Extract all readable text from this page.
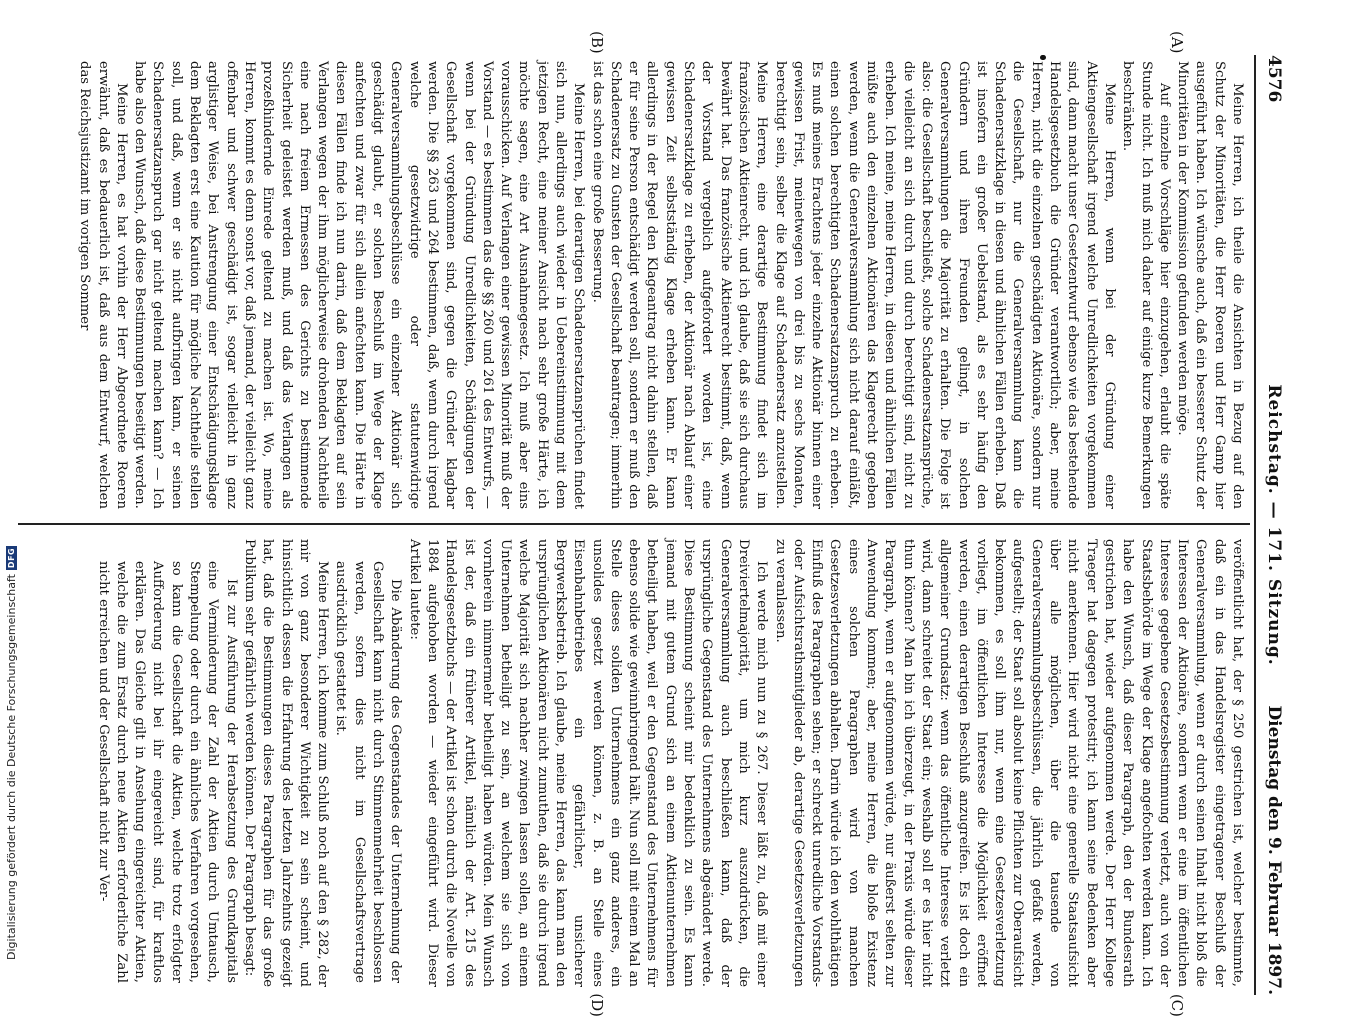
Digitalisierung gefördert durch die Deutsche Forschungsgemeinschaft
DFG
4576
Reichstag. — 171. Sitzung.
Dienstag den 9. Februar 1897.
(A)
(B)

Meine Herren, ich theile die Ansichten in Bezug auf den Schutz der Minoritäten, die Herr Roeren und Herr Gamp hier ausgeführt haben. Ich wünsche auch, daß ein besserer Schutz der Minoritäten in der Kommission gefunden werden möge.

Auf einzelne Vorschläge hier einzugehen, erlaubt die späte Stunde nicht. Ich muß mich daher auf einige kurze Bemerkungen beschränken.

Meine Herren, wenn bei der Gründung einer Aktiengesellschaft irgend welche Unredlichkeiten vorgekommen sind, dann macht unser Gesetzentwurf ebenso wie das bestehende Handelsgesetzbuch die Gründer verantwortlich; aber, meine Herren, nicht die einzelnen geschädigten Aktionäre, sondern nur die Gesellschaft, nur die Generalversammlung kann die Schadenersatzklage in diesen und ähnlichen Fällen erheben. Daß ist insofern ein großer Uebelstand, als es sehr häufig den Gründern und ihren Freunden gelingt, in solchen Generalversammlungen die Majorität zu erhalten. Die Folge ist also: die Gesellschaft beschließt, solche Schadenersatzansprüche, die vielleicht an sich durch und durch berechtigt sind, nicht zu erheben. Ich meine, meine Herren, in diesen und ähnlichen Fällen müßte auch den einzelnen Aktionären das Klagerecht gegeben werden, wenn die Generalversammlung sich nicht darauf einläßt, einen solchen berechtigten Schadenersatzanspruch zu erheben. Es muß meines Erachtens jeder einzelne Aktionär binnen einer gewissen Frist, meinetwegen von drei bis zu sechs Monaten, berechtigt sein, selber die Klage auf Schadenersatz anzustellen. Meine Herren, eine derartige Bestimmung findet sich im französischen Aktienrecht, und ich glaube, daß sie sich durchaus bewährt hat. Das französische Aktienrecht bestimmt, daß, wenn der Vorstand vergeblich aufgefordert worden ist, eine Schadenersatzklage zu erheben, der Aktionär nach Ablauf einer gewissen Zeit selbstständig Klage erheben kann. Er kann allerdings in der Regel den Klageantrag nicht dahin stellen, daß er für seine Person entschädigt werden soll, sondern er muß den Schadenersatz zu Gunsten der Gesellschaft beantragen; immerhin ist das schon eine große Besserung.

Meine Herren, bei derartigen Schadenersatzansprüchen findet sich nun, allerdings auch wieder in Uebereinstimmung mit dem jetzigen Recht, eine meiner Ansicht nach sehr große Härte, ich möchte sagen, eine Art Ausnahmegesetz. Ich muß aber eins vorausschicken. Auf Verlangen einer gewissen Minorität muß der Vorstand — es bestimmen das die §§ 260 und 261 des Entwurfs, — wenn bei der Gründung Unredlichkeiten, Schädigungen der Gesellschaft vorgekommen sind, gegen die Gründer klagbar werden. Die §§ 263 und 264 bestimmen, daß, wenn durch irgend welche gesetzwidrige oder statutenwidrige Generalversammlungsbeschlüsse ein einzelner Aktionär sich geschädigt glaubt, er solchen Beschluß im Wege der Klage anfechten und zwar für sich allein anfechten kann. Die Härte in diesen Fällen finde ich nun darin, daß dem Beklagten auf sein Verlangen wegen der ihm möglicherweise drohenden Nachtheile eine nach freiem Ermessen des Gerichts zu bestimmende Sicherheit geleistet werden muß, und daß das Verlangen als prozeßhindernde Einrede geltend zu machen ist. Wo, meine Herren, kommt es denn sonst vor, daß jemand, der vielleicht ganz offenbar und schwer geschädigt ist, sogar vielleicht in ganz arglistiger Weise, bei Anstrengung einer Entschädigungsklage dem Beklagten erst eine Kaution für mögliche Nachtheile stellen soll, und daß, wenn er sie nicht aufbringen kann, er seinen Schadenersatzanspruch gar nicht geltend machen kann? — Ich habe also den Wunsch, daß diese Bestimmungen beseitigt werden.

Meine Herren, es hat vorhin der Herr Abgeordnete Roeren erwähnt, daß es bedauerlich ist, daß aus dem Entwurf, welchen das Reichsjustizamt im vorigen Sommer

(C)
(D)

veröffentlicht hat, der § 250 gestrichen ist, welcher bestimmte, daß ein in das Handelsregister eingetragener Beschluß der Generalversammlung, wenn er durch seinen Inhalt nicht bloß die Interessen der Aktionäre, sondern wenn er eine im öffentlichen Interesse gegebene Gesetzesbestimmung verletzt, auch von der Staatsbehörde im Wege der Klage angefochten werden kann. Ich habe den Wunsch, daß dieser Paragraph, den der Bundesrath gestrichen hat, wieder aufgenommen werde. Der Herr Kollege Traeger hat dagegen protestirt; ich kann seine Bedenken aber nicht anerkennen. Hier wird nicht eine generelle Staatsaufsicht über alle möglichen, über die tausende von Generalversammlungsbeschlüssen, die jährlich gefaßt werden, aufgestellt; der Staat soll absolut keine Pflichten zur Oberaufsicht bekommen, es soll ihm nur, wenn eine Gesetzesverletzung vorliegt, im öffentlichen Interesse die Möglichkeit eröffnet werden, einen derartigen Beschluß anzugreifen. Es ist doch ein allgemeiner Grundsatz: wenn das öffentliche Interesse verletzt wird, dann schreitet der Staat ein; weshalb soll er es hier nicht thun können? Man bin ich überzeugt, in der Praxis würde dieser Paragraph, wenn er aufgenommen würde, nur äußerst selten zur Anwendung kommen; aber, meine Herren, die bloße Existenz eines solchen Paragraphen wird von manchen Gesetzesverletzungen abhalten. Darin würde ich den wohlthätigen Einfluß des Paragraphen sehen; er schreckt unredliche Vorstands- oder Aufsichtsrathsmitglieder ab, derartige Gesetzesverletzungen zu veranlassen.

Ich werde mich nun zu § 267. Dieser läßt zu, daß mit einer Dreiviertelmajorität, um mich kurz auszudrücken, die Generalversammlung auch beschließen kann, daß der ursprüngliche Gegenstand des Unternehmens abgeändert werde. Diese Bestimmung scheint mir bedenklich zu sein. Es kann jemand mit gutem Grund sich an einem Aktienunternehmen betheiligt haben, weil er den Gegenstand des Unternehmens für ebenso solide wie gewinnbringend hält. Nun soll mit einem Mal an Stelle dieses soliden Unternehmens ein ganz anderes, ein unsolides gesetzt werden können, z. B. an Stelle eines Eisenbahnbetriebes ein gefährlicher, unsicherer Bergwerksbetrieb. Ich glaube, meine Herren, das kann man den ursprünglichen Aktionären nicht zumuthen, daß sie durch irgend welche Majorität sich nachher zwingen lassen sollen, an einem Unternehmen betheiligt zu sein, an welchem sie sich von vornherein nimmermehr betheiligt haben würden. Mein Wunsch ist der, daß ein früherer Artikel, nämlich der Art. 215 des Handelsgesetzbuchs — der Artikel ist schon durch die Novelle von 1884 aufgehoben worden — wieder eingeführt wird. Dieser Artikel lautete:

Die Abänderung des Gegenstandes der Unternehmung der Gesellschaft kann nicht durch Stimmenmehrheit beschlossen werden, sofern dies nicht im Gesellschaftsvertrage ausdrücklich gestattet ist.

Meine Herren, ich komme zum Schluß noch auf den § 282, der mir von ganz besonderer Wichtigkeit zu sein scheint, und hinsichtlich dessen die Erfahrung des letzten Jahrzehnts gezeigt hat, daß die Bestimmungen dieses Paragraphen für das große Publikum sehr gefährlich werden können. Der Paragraph besagt:

Ist zur Ausführung der Herabsetzung des Grundkapitals eine Verminderung der Zahl der Aktien durch Umtausch, Stempelung oder durch ein ähnliches Verfahren vorgesehen, so kann die Gesellschaft die Aktien, welche trotz erfolgter Aufforderung nicht bei ihr eingereicht sind, für kraftlos erklären. Das Gleiche gilt in Ansehung eingereichter Aktien, welche die zum Ersatz durch neue Aktien erforderliche Zahl nicht erreichen und der Gesellschaft nicht zur Ver-
